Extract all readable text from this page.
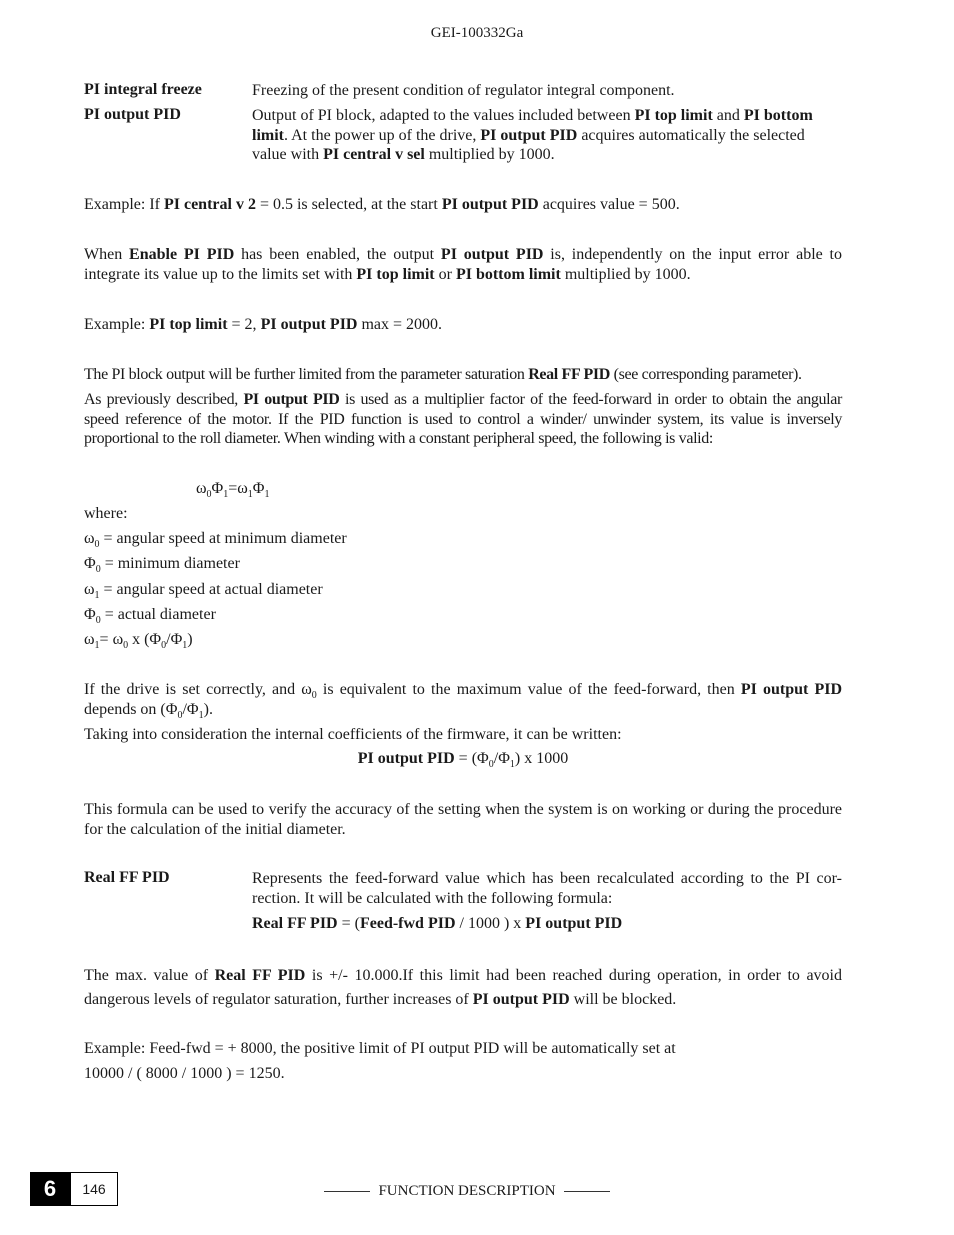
GEI-100332Ga
PI integral freeze	Freezing of the present condition of regulator integral component.
PI output PID	Output of PI block, adapted to the values included between PI top limit and PI bottom limit. At the power up of the drive, PI output PID acquires automatically the selected value with PI central v sel multiplied by 1000.
Example: If PI central v 2 = 0.5 is selected, at the start PI output PID acquires value = 500.
When Enable PI PID has been enabled, the output PI output PID is, independently on the input error able to integrate its value up to the limits set with PI top limit or PI bottom limit multiplied by 1000.
Example: PI top limit = 2, PI output PID max = 2000.
The PI block output will be further limited from the parameter saturation Real FF PID (see corresponding parameter).
As previously described, PI output PID is used as a multiplier factor of the feed-forward in order to obtain the angular speed reference of the motor. If the PID function is used to control a winder/ unwinder system, its value is inversely proportional to the roll diameter. When winding with a constant peripheral speed, the following is valid:
$\omega_0\Phi_1=\omega_1\Phi_1$
where:
$\omega_0$ = angular speed at minimum diameter
$\Phi_0$ = minimum diameter
$\omega_1$ = angular speed at actual diameter
$\Phi_0$ = actual diameter
$\omega_1= \omega_0$ x $(\Phi_0/\Phi_1)$
If the drive is set correctly, and $\omega_0$ is equivalent to the maximum value of the feed-forward, then PI output PID depends on $(\Phi_0/\Phi_1)$.
Taking into consideration the internal coefficients of the firmware, it can be written:
PI output PID = $(\Phi_0/\Phi_1)$ x 1000
This formula can be used to verify the accuracy of the setting when the system is on working or during the procedure for the calculation of the initial diameter.
Real FF PID	Represents the feed-forward value which has been recalculated according to the PI cor-rection. It will be calculated with the following formula:
Real FF PID = (Feed-fwd PID / 1000 ) x PI output PID
The max. value of Real FF PID is +/- 10.000.If this limit had been reached during operation, in order to avoid dangerous levels of regulator saturation, further increases of PI output PID will be blocked.
Example: Feed-fwd = + 8000, the positive limit of PI output PID will be automatically set at
10000 / ( 8000 / 1000 ) = 1250.
6	146	FUNCTION DESCRIPTION
